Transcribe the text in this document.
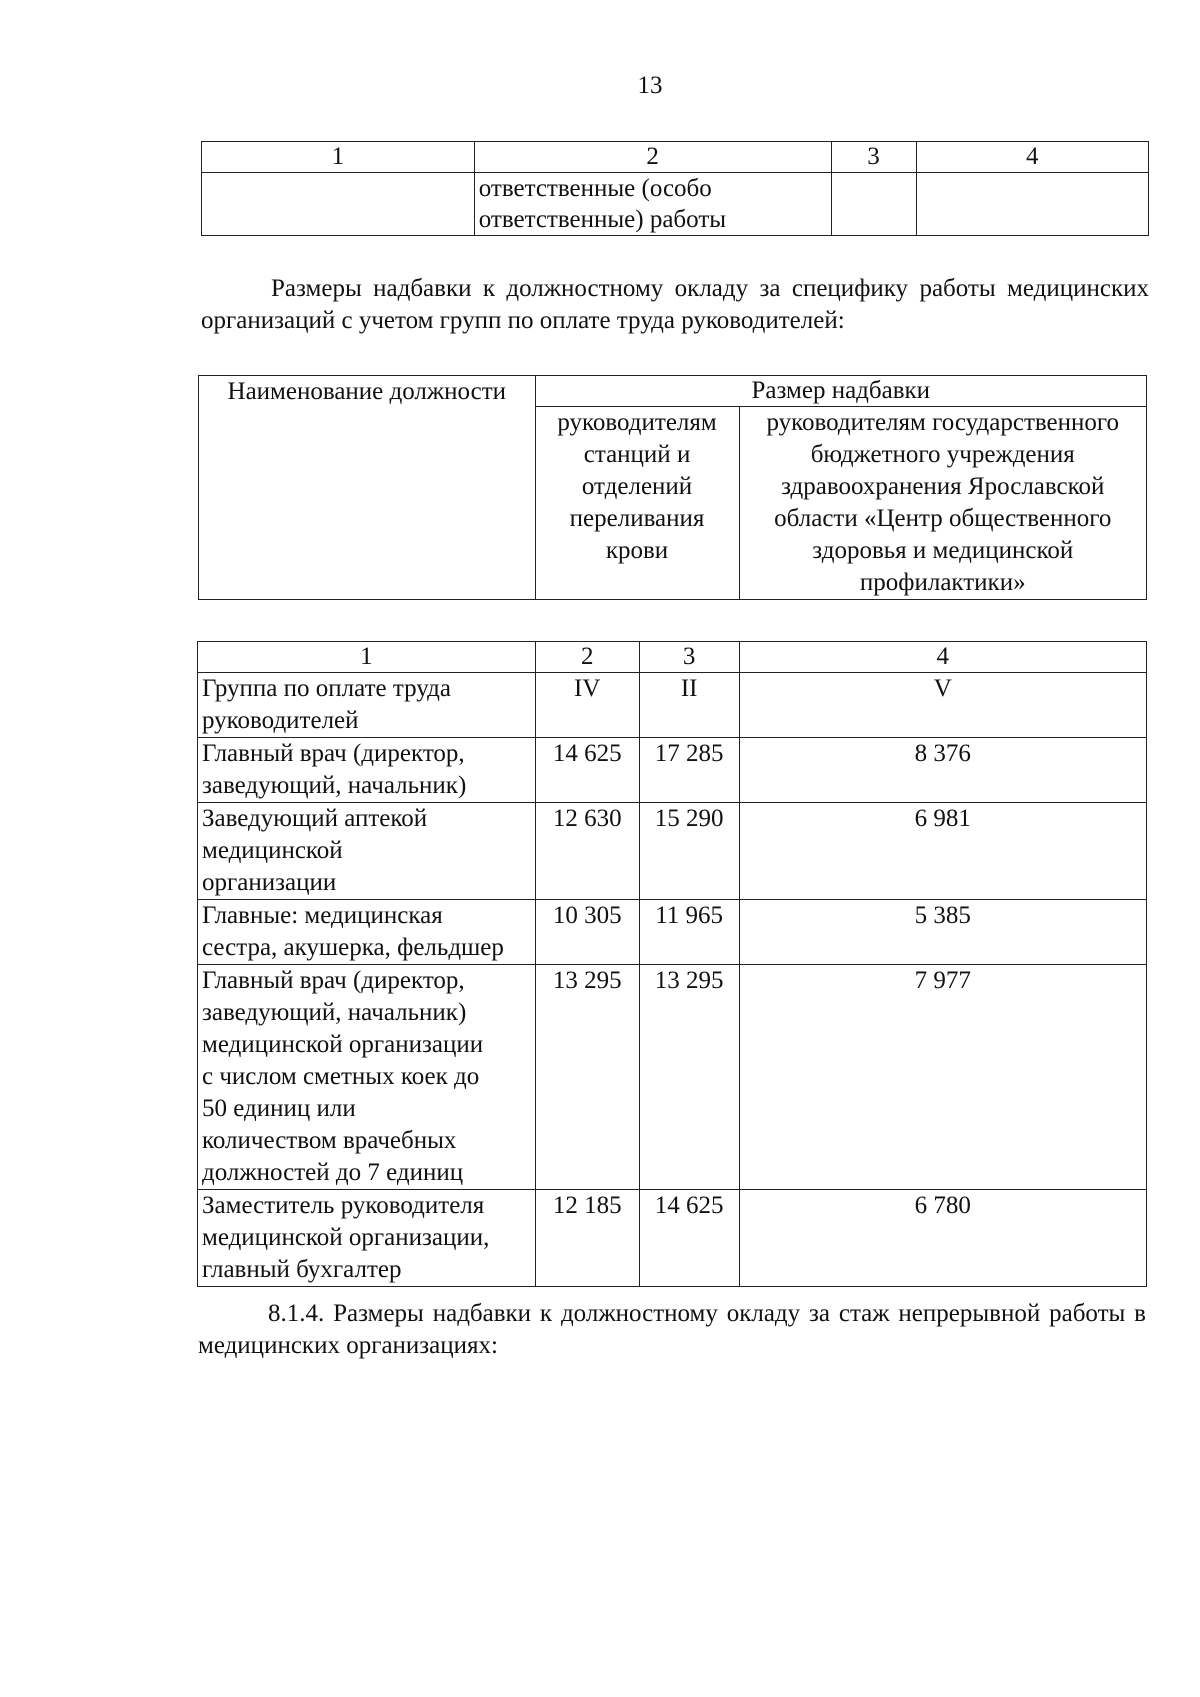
13
1	2	3	4
	ответственные (особо ответственные) работы		

Размеры надбавки к должностному окладу за специфику работы медицинских организаций с учетом групп по оплате труда руководителей:

Наименование должности	Размер надбавки	
	руководителям станций и отделений переливания крови	руководителям государственного бюджетного учреждения здравоохранения Ярославской области «Центр общественного здоровья и медицинской профилактики»
1	2	3	4
Группа по оплате труда руководителей	IV	II	V
Главный врач (директор, заведующий, начальник)	14 625	17 285	8 376
Заведующий аптекой медицинской организации	12 630	15 290	6 981
Главные: медицинская сестра, акушерка, фельдшер	10 305	11 965	5 385
Главный врач (директор, заведующий, начальник) медицинской организации с числом сметных коек до 50 единиц или количеством врачебных должностей до 7 единиц	13 295	13 295	7 977
Заместитель руководителя медицинской организации, главный бухгалтер	12 185	14 625	6 780

8.1.4. Размеры надбавки к должностному окладу за стаж непрерывной работы в медицинских организациях:
